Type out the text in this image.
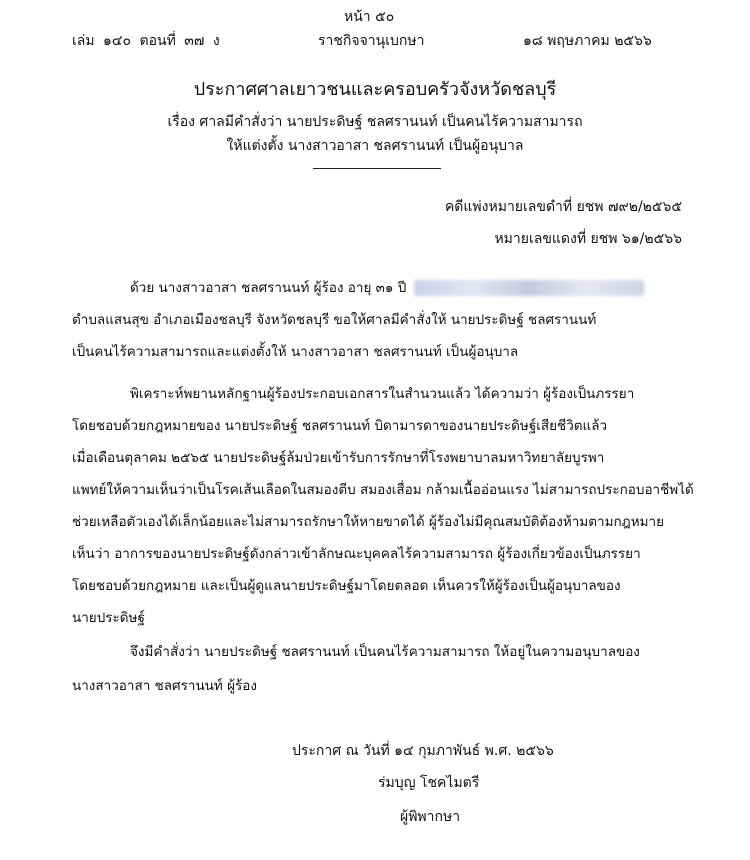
หน้า ๕๐
เล่ม ๑๔๐ ตอนที่ ๓๗ ง	ราชกิจจานุเบกษา	๑๘ พฤษภาคม ๒๕๖๖
ประกาศศาลเยาวชนและครอบครัวจังหวัดชลบุรี
เรื่อง ศาลมีคำสั่งว่า นายประดิษฐ์ ชลศรานนท์ เป็นคนไร้ความสามารถ
ให้แต่งตั้ง นางสาวอาสา ชลศรานนท์ เป็นผู้อนุบาล
คดีแพ่งหมายเลขดำที่ ยชพ ๗๙๒/๒๕๖๕
หมายเลขแดงที่ ยชพ ๖๑/๒๕๖๖
ด้วย นางสาวอาสา ชลศรานนท์ ผู้ร้อง อายุ ๓๑ ปี
ตำบลแสนสุข อำเภอเมืองชลบุรี จังหวัดชลบุรี ขอให้ศาลมีคำสั่งให้ นายประดิษฐ์ ชลศรานนท์
เป็นคนไร้ความสามารถและแต่งตั้งให้ นางสาวอาสา ชลศรานนท์ เป็นผู้อนุบาล
พิเคราะห์พยานหลักฐานผู้ร้องประกอบเอกสารในสำนวนแล้ว ได้ความว่า ผู้ร้องเป็นภรรยา
โดยชอบด้วยกฎหมายของ นายประดิษฐ์ ชลศรานนท์ บิดามารดาของนายประดิษฐ์เสียชีวิตแล้ว
เมื่อเดือนตุลาคม ๒๕๖๕ นายประดิษฐ์ล้มป่วยเข้ารับการรักษาที่โรงพยาบาลมหาวิทยาลัยบูรพา
แพทย์ให้ความเห็นว่าเป็นโรคเส้นเลือดในสมองตีบ สมองเสื่อม กล้ามเนื้ออ่อนแรง ไม่สามารถประกอบอาชีพได้
ช่วยเหลือตัวเองได้เล็กน้อยและไม่สามารถรักษาให้หายขาดได้ ผู้ร้องไม่มีคุณสมบัติต้องห้ามตามกฎหมาย
เห็นว่า อาการของนายประดิษฐ์ดังกล่าวเข้าลักษณะบุคคลไร้ความสามารถ ผู้ร้องเกี่ยวข้องเป็นภรรยา
โดยชอบด้วยกฎหมาย และเป็นผู้ดูแลนายประดิษฐ์มาโดยตลอด เห็นควรให้ผู้ร้องเป็นผู้อนุบาลของ
นายประดิษฐ์
จึงมีคำสั่งว่า นายประดิษฐ์ ชลศรานนท์ เป็นคนไร้ความสามารถ ให้อยู่ในความอนุบาลของ
นางสาวอาสา ชลศรานนท์ ผู้ร้อง
ประกาศ ณ วันที่ ๑๔ กุมภาพันธ์ พ.ศ. ๒๕๖๖
ร่มบุญ โชคไมตรี
ผู้พิพากษา
